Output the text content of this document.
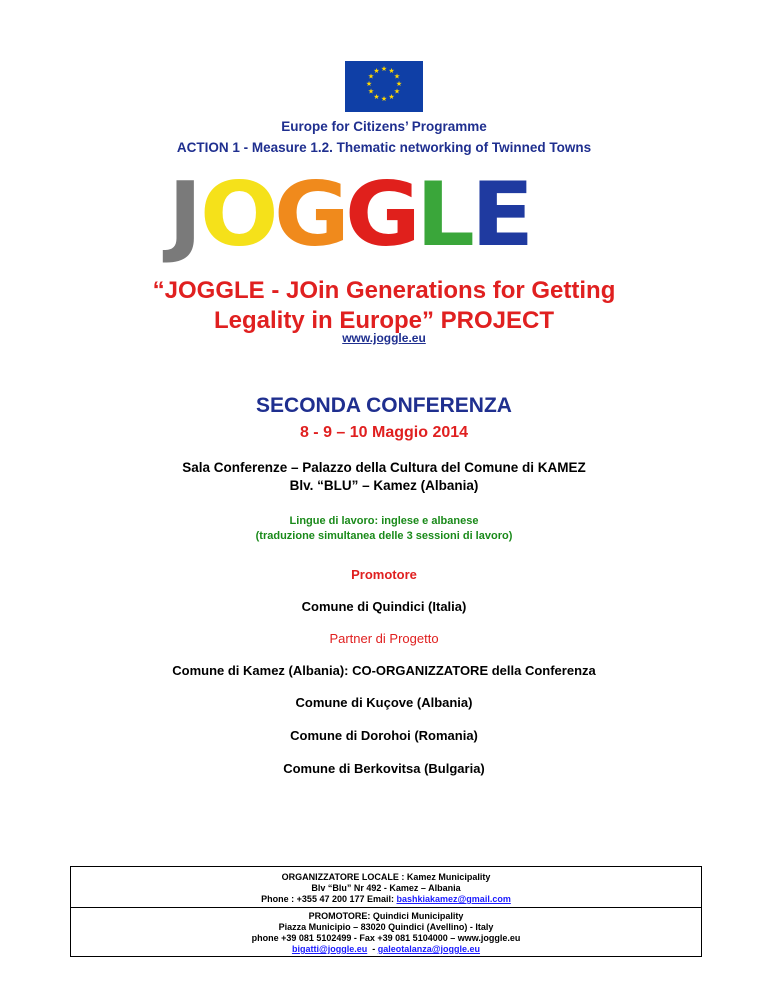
★ ★
★
★
★
★
★
★
★
★
★
★
Europe for Citizens’ Programme
ACTION 1 - Measure 1.2. Thematic networking of Twinned Towns
J
O
G
G
L
E
“JOGGLE - JOin Generations for Getting
Legality in Europe” PROJECT
www.joggle.eu
SECONDA CONFERENZA
8 - 9 – 10 Maggio 2014
Sala Conferenze – Palazzo della Cultura del Comune di KAMEZ
Blv. “BLU” – Kamez (Albania)
Lingue di lavoro: inglese e albanese
(traduzione simultanea delle 3 sessioni di lavoro)
Promotore
Comune di Quindici (Italia)
Partner di Progetto
Comune di Kamez (Albania): CO-ORGANIZZATORE della Conferenza
Comune di Kuçove (Albania)
Comune di Dorohoi (Romania)
Comune di Berkovitsa (Bulgaria)
ORGANIZZATORE LOCALE : Kamez Municipality
Blv “Blu” Nr 492 - Kamez – Albania
Phone : +355 47 200 177 Email: bashkiakamez@gmail.com
PROMOTORE: Quindici Municipality
Piazza Municipio – 83020 Quindici (Avellino) - Italy
phone +39 081 5102499 - Fax +39 081 5104000 – www.joggle.eu
bigatti@joggle.eu  - galeotalanza@joggle.eu
